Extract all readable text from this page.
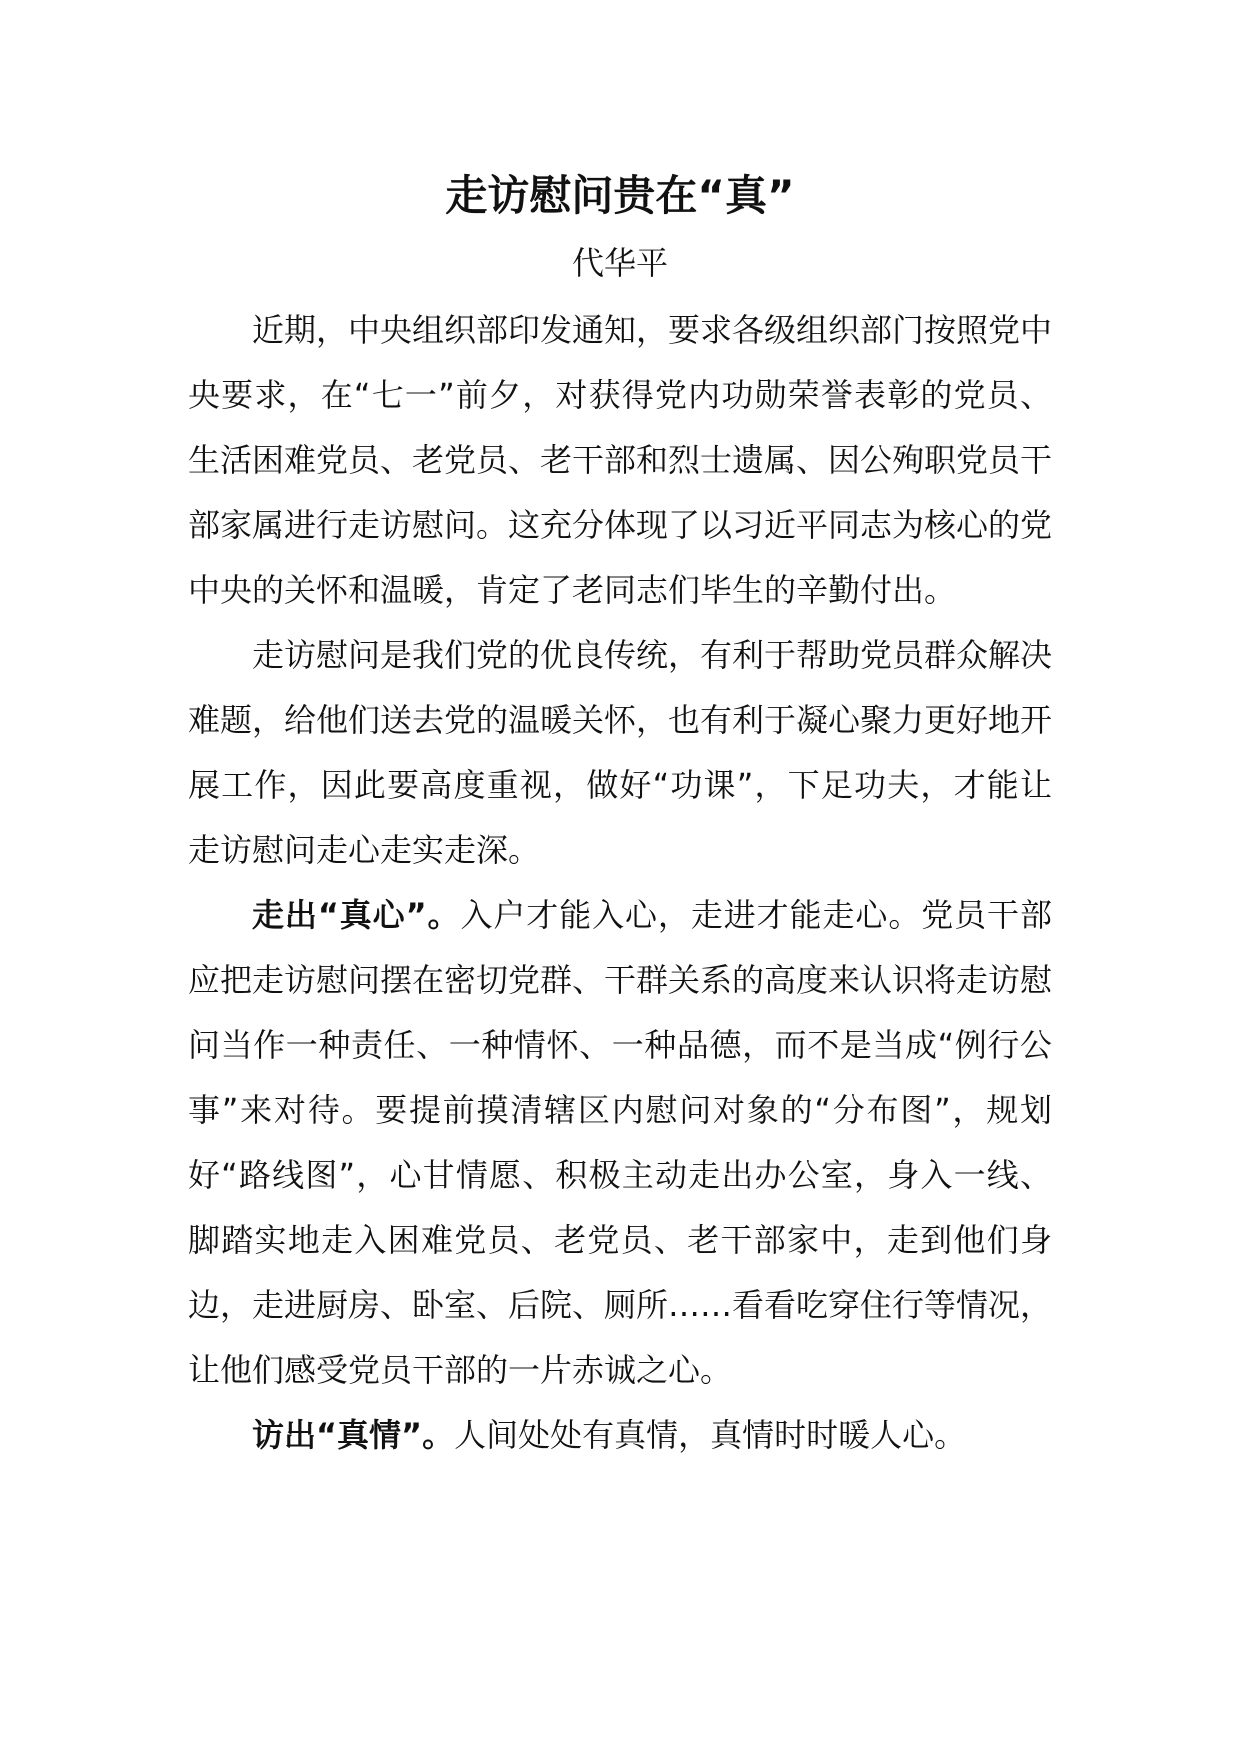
走访慰问贵在“真”
代华平

近期，中央组织部印发通知，要求各级组织部门按照党中央要求，在“七一”前夕，对获得党内功勋荣誉表彰的党员、生活困难党员、老党员、老干部和烈士遗属、因公殉职党员干部家属进行走访慰问。这充分体现了以习近平同志为核心的党中央的关怀和温暖，肯定了老同志们毕生的辛勤付出。

走访慰问是我们党的优良传统，有利于帮助党员群众解决难题，给他们送去党的温暖关怀，也有利于凝心聚力更好地开展工作，因此要高度重视，做好“功课”，下足功夫，才能让走访慰问走心走实走深。

走出“真心”。入户才能入心，走进才能走心。党员干部应把走访慰问摆在密切党群、干群关系的高度来认识将走访慰问当作一种责任、一种情怀、一种品德，而不是当成“例行公事”来对待。要提前摸清辖区内慰问对象的“分布图”，规划好“路线图”，心甘情愿、积极主动走出办公室，身入一线、脚踏实地走入困难党员、老党员、老干部家中，走到他们身边，走进厨房、卧室、后院、厕所……看看吃穿住行等情况，让他们感受党员干部的一片赤诚之心。

访出“真情”。人间处处有真情，真情时时暖人心。
